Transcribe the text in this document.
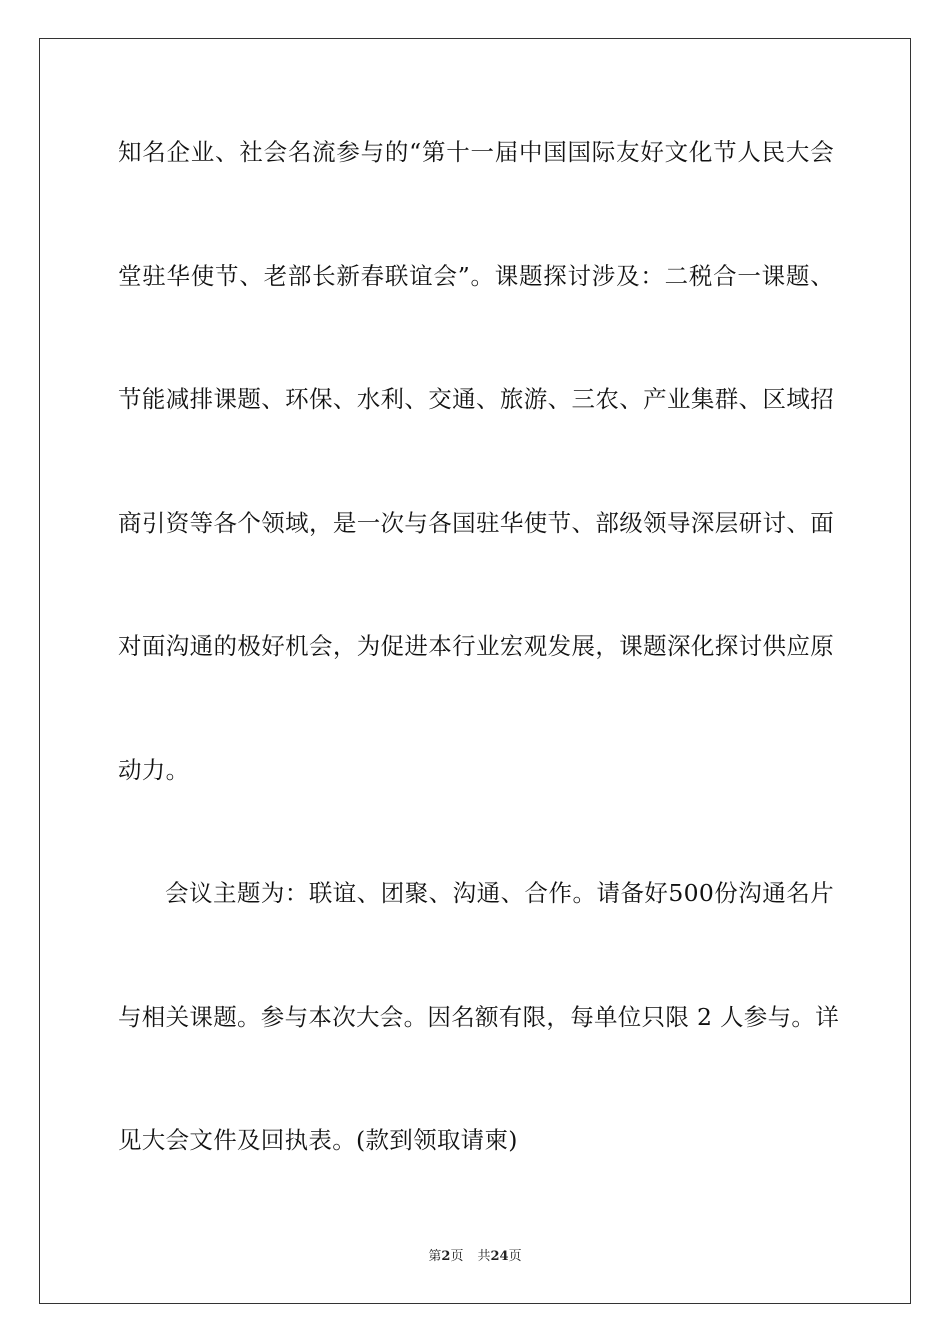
知名企业、社会名流参与的“第十一届中国国际友好文化节人民大会
堂驻华使节、老部长新春联谊会”。课题探讨涉及：二税合一课题、
节能减排课题、环保、水利、交通、旅游、三农、产业集群、区域招
商引资等各个领域，是一次与各国驻华使节、部级领导深层研讨、面
对面沟通的极好机会，为促进本行业宏观发展，课题深化探讨供应原
动力。
会议主题为：联谊、团聚、沟通、合作。请备好500份沟通名片
与相关课题。参与本次大会。因名额有限，每单位只限 2 人参与。详
见大会文件及回执表。(款到领取请柬)
第2页 共24页
